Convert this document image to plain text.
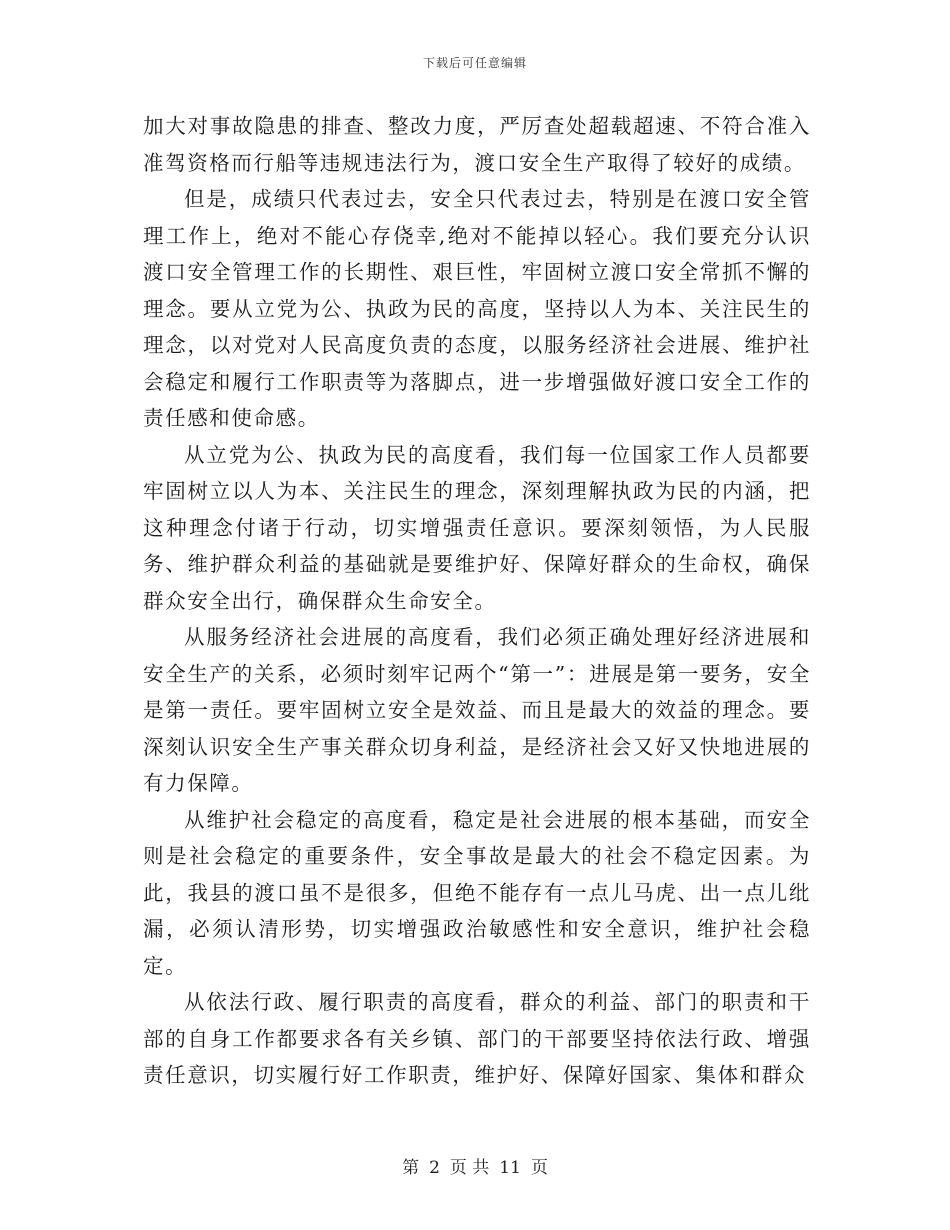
下载后可任意编辑

加大对事故隐患的排查、整改力度，严厉查处超载超速、不符合准入准驾资格而行船等违规违法行为，渡口安全生产取得了较好的成绩。

但是，成绩只代表过去，安全只代表过去，特别是在渡口安全管理工作上，绝对不能心存侥幸,绝对不能掉以轻心。我们要充分认识渡口安全管理工作的长期性、艰巨性，牢固树立渡口安全常抓不懈的理念。要从立党为公、执政为民的高度，坚持以人为本、关注民生的理念，以对党对人民高度负责的态度，以服务经济社会进展、维护社会稳定和履行工作职责等为落脚点，进一步增强做好渡口安全工作的责任感和使命感。

从立党为公、执政为民的高度看，我们每一位国家工作人员都要牢固树立以人为本、关注民生的理念，深刻理解执政为民的内涵，把这种理念付诸于行动，切实增强责任意识。要深刻领悟，为人民服务、维护群众利益的基础就是要维护好、保障好群众的生命权，确保群众安全出行，确保群众生命安全。

从服务经济社会进展的高度看，我们必须正确处理好经济进展和安全生产的关系，必须时刻牢记两个“第一”：进展是第一要务，安全是第一责任。要牢固树立安全是效益、而且是最大的效益的理念。要深刻认识安全生产事关群众切身利益，是经济社会又好又快地进展的有力保障。

从维护社会稳定的高度看，稳定是社会进展的根本基础，而安全则是社会稳定的重要条件，安全事故是最大的社会不稳定因素。为此，我县的渡口虽不是很多，但绝不能存有一点儿马虎、出一点儿纰漏，必须认清形势，切实增强政治敏感性和安全意识，维护社会稳定。

从依法行政、履行职责的高度看，群众的利益、部门的职责和干部的自身工作都要求各有关乡镇、部门的干部要坚持依法行政、增强责任意识，切实履行好工作职责，维护好、保障好国家、集体和群众

第 2 页 共 11 页
